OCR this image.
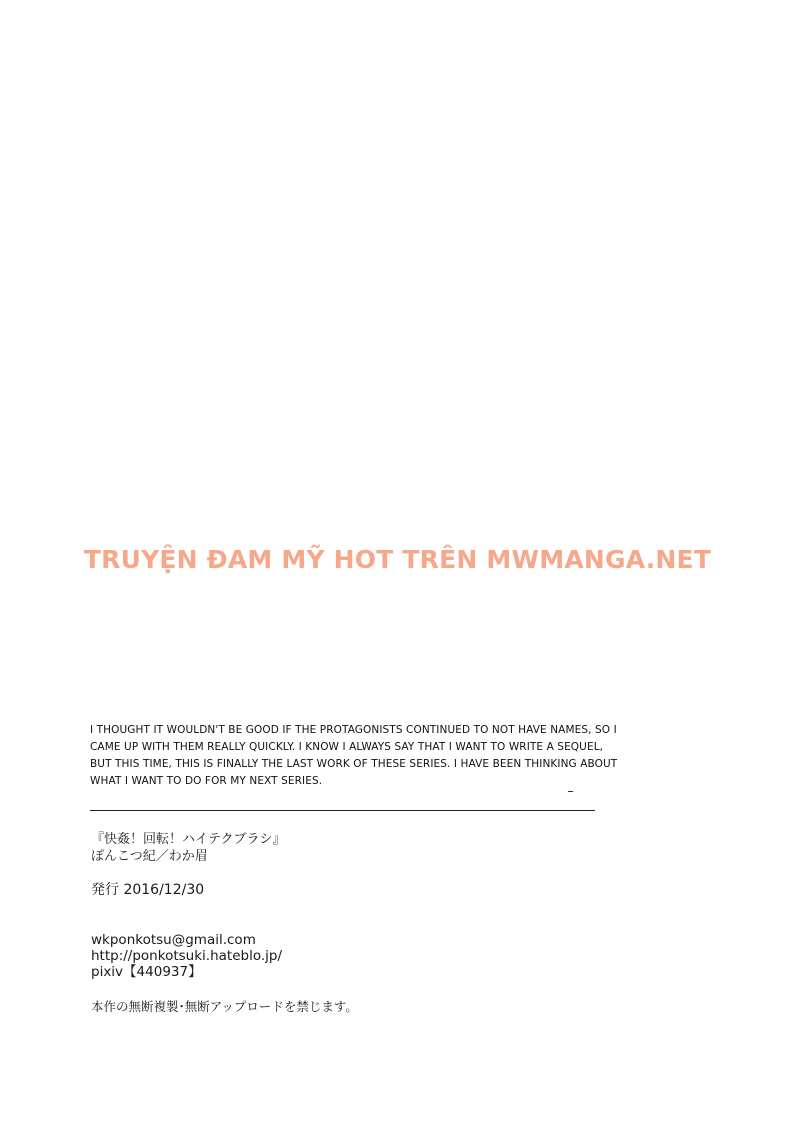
TRUYỆN ĐAM MỸ HOT TRÊN MWMANGA.NET
I THOUGHT IT WOULDN'T BE GOOD IF THE PROTAGONISTS CONTINUED TO NOT HAVE NAMES, SO I
CAME UP WITH THEM REALLY QUICKLY. I KNOW I ALWAYS SAY THAT I WANT TO WRITE A SEQUEL,
BUT THIS TIME, THIS IS FINALLY THE LAST WORK OF THESE SERIES. I HAVE BEEN THINKING ABOUT
WHAT I WANT TO DO FOR MY NEXT SERIES.
『快姦！回転！ハイテクブラシ』
ぽんこつ紀／わか眉
発行 2016/12/30
wkponkotsu@gmail.com
http://ponkotsuki.hateblo.jp/
pixiv【440937】
本作の無断複製･無断アップロードを禁じます。
